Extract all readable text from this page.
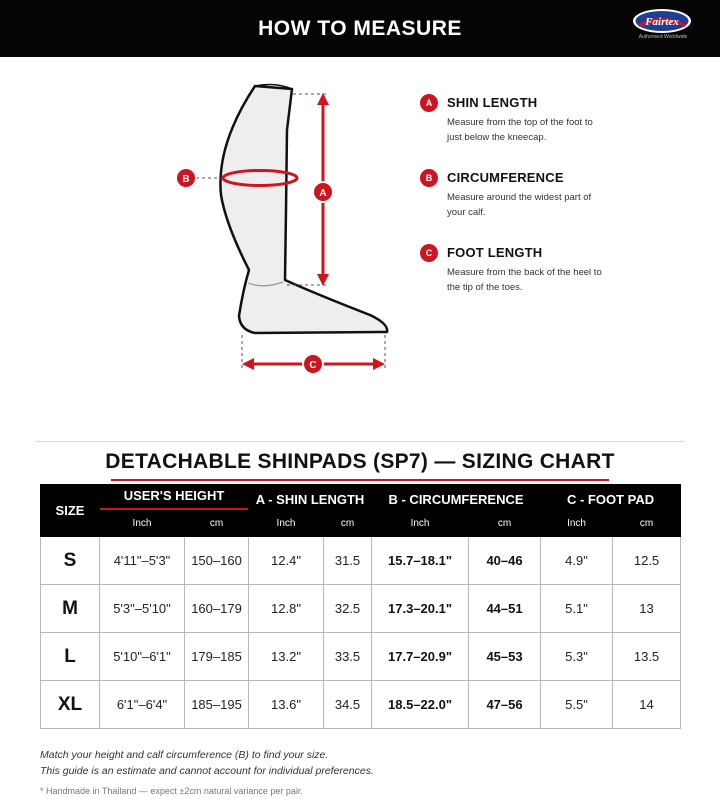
HOW TO MEASURE	Fairtex
Authorised Worldwide
A
B
C
A	SHIN LENGTH
Measure from the top of the foot to just below the kneecap.
B	CIRCUMFERENCE
Measure around the widest part of your calf.
C	FOOT LENGTH
Measure from the back of the heel to the tip of the toes.
DETACHABLE SHINPADS (SP7) — SIZING CHART
SIZE	USER'S HEIGHT		A - SHIN LENGTH		B - CIRCUMFERENCE		C - FOOT PAD	
	Inch	cm	Inch	cm	Inch	cm	Inch	cm
S	4'11"–5'3"	150–160	12.4"	31.5	15.7–18.1"	40–46	4.9"	12.5
M	5'3"–5'10"	160–179	12.8"	32.5	17.3–20.1"	44–51	5.1"	13
L	5'10"–6'1"	179–185	13.2"	33.5	17.7–20.9"	45–53	5.3"	13.5
XL	6'1"–6'4"	185–195	13.6"	34.5	18.5–22.0"	47–56	5.5"	14
Match your height and calf circumference (B) to find your size.
This guide is an estimate and cannot account for individual preferences.
* Handmade in Thailand — expect ±2cm natural variance per pair.
